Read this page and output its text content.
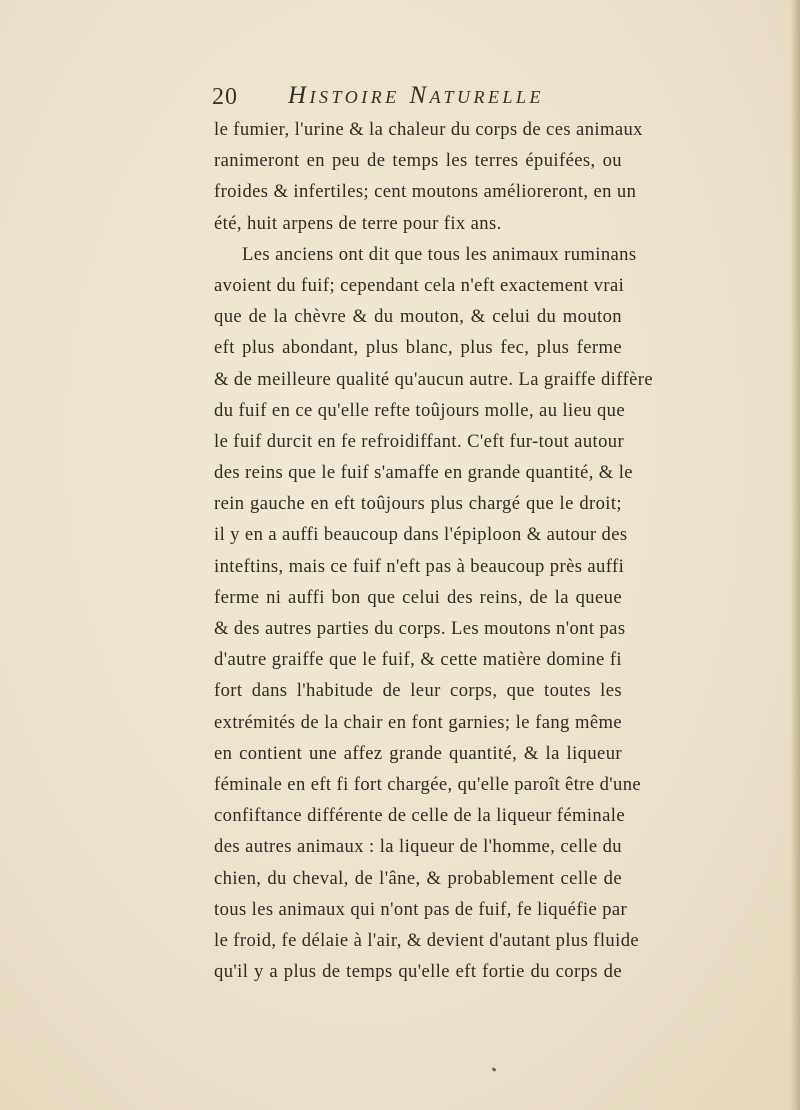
20 Histoire Naturelle
le fumier, l'urine & la chaleur du corps de ces animaux
ranimeront en peu de temps les terres épuifées, ou
froides & infertiles; cent moutons amélioreront, en un
été, huit arpens de terre pour fix ans.
Les anciens ont dit que tous les animaux ruminans
avoient du fuif; cependant cela n'eft exactement vrai
que de la chèvre & du mouton, & celui du mouton
eft plus abondant, plus blanc, plus fec, plus ferme
& de meilleure qualité qu'aucun autre. La graiffe diffère
du fuif en ce qu'elle refte toûjours molle, au lieu que
le fuif durcit en fe refroidiffant. C'eft fur-tout autour
des reins que le fuif s'amaffe en grande quantité, & le
rein gauche en eft toûjours plus chargé que le droit;
il y en a auffi beaucoup dans l'épiploon & autour des
inteftins, mais ce fuif n'eft pas à beaucoup près auffi
ferme ni auffi bon que celui des reins, de la queue
& des autres parties du corps. Les moutons n'ont pas
d'autre graiffe que le fuif, & cette matière domine fi
fort dans l'habitude de leur corps, que toutes les
extrémités de la chair en font garnies; le fang même
en contient une affez grande quantité, & la liqueur
féminale en eft fi fort chargée, qu'elle paroît être d'une
confiftance différente de celle de la liqueur féminale
des autres animaux : la liqueur de l'homme, celle du
chien, du cheval, de l'âne, & probablement celle de
tous les animaux qui n'ont pas de fuif, fe liquéfie par
le froid, fe délaie à l'air, & devient d'autant plus fluide
qu'il y a plus de temps qu'elle eft fortie du corps de
